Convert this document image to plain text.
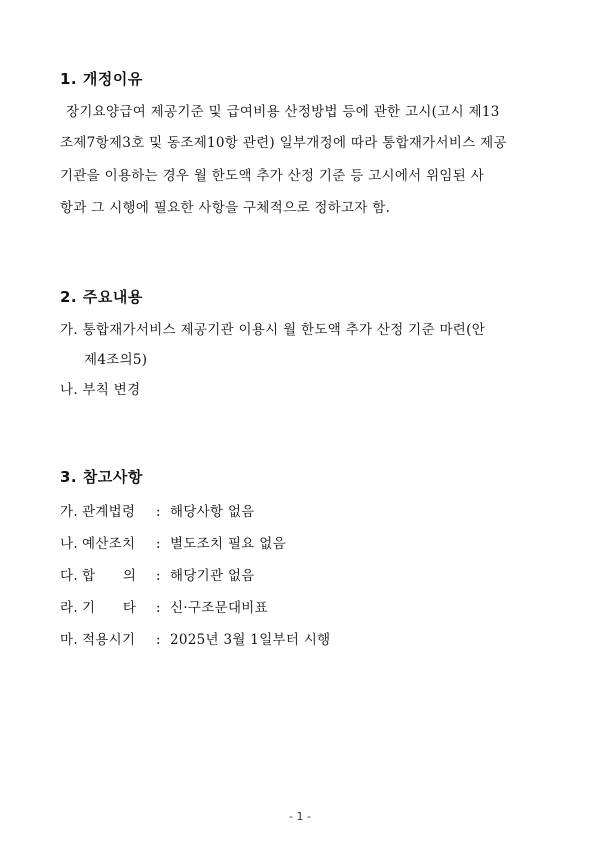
1. 개정이유
장기요양급여 제공기준 및 급여비용 산정방법 등에 관한 고시(고시 제13
조제7항제3호 및 동조제10항 관련) 일부개정에 따라 통합재가서비스 제공
기관을 이용하는 경우 월 한도액 추가 산정 기준 등 고시에서 위임된 사
항과 그 시행에 필요한 사항을 구체적으로 정하고자 함.
2. 주요내용
가. 통합재가서비스 제공기관 이용시 월 한도액 추가 산정 기준 마련(안
제4조의5)
나. 부칙 변경
3. 참고사항
가. 관계법령 : 해당사항 없음
나. 예산조치 : 별도조치 필요 없음
다. 합      의 : 해당기관 없음
라. 기      타 : 신·구조문대비표
마. 적용시기 : 2025년 3월 1일부터 시행
- 1 -
